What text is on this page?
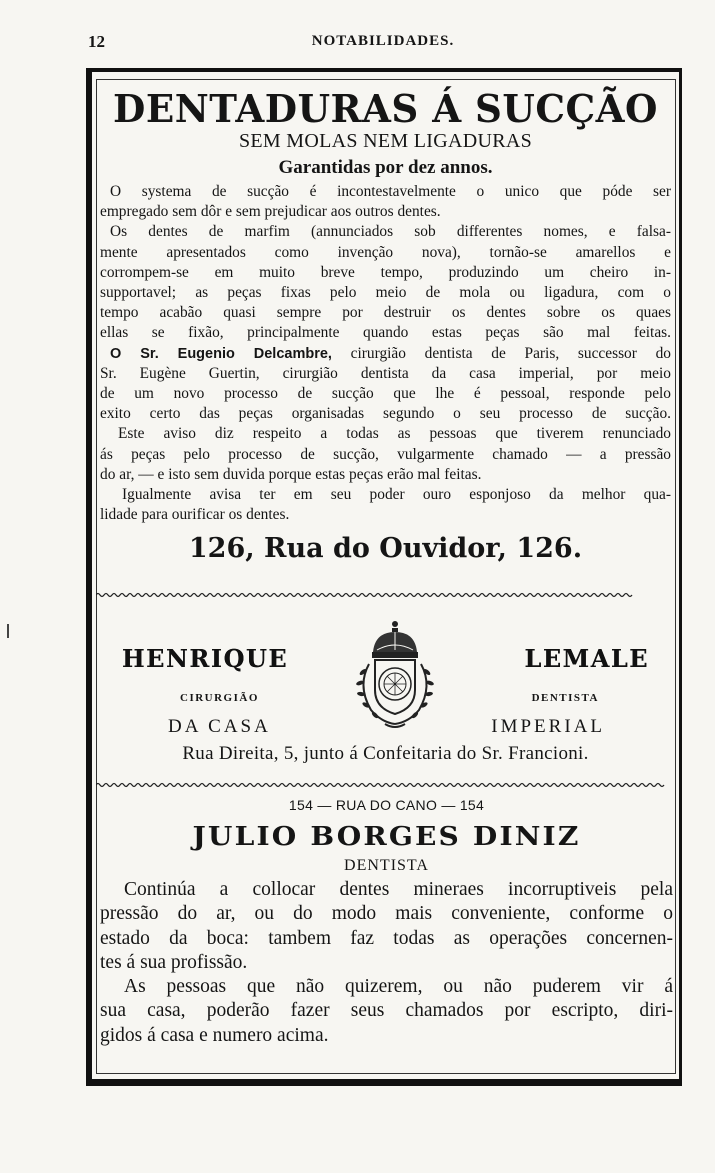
12	NOTABILIDADES.
DENTADURAS Á SUCÇÃO
SEM MOLAS NEM LIGADURAS
Garantidas por dez annos.
O systema de sucção é incontestavelmente o unico que póde ser
empregado sem dôr e sem prejudicar aos outros dentes.
Os dentes de marfim (annunciados sob differentes nomes, e falsa-
mente apresentados como invenção nova), tornão-se amarellos e
corrompem-se em muito breve tempo, produzindo um cheiro in-
supportavel; as peças fixas pelo meio de mola ou ligadura, com o
tempo acabão quasi sempre por destruir os dentes sobre os quaes
ellas se fixão, principalmente quando estas peças são mal feitas.
O Sr. Eugenio Delcambre, cirurgião dentista de Paris, successor do
Sr. Eugène Guertin, cirurgião dentista da casa imperial, por meio
de um novo processo de sucção que lhe é pessoal, responde pelo
exito certo das peças organisadas segundo o seu processo de sucção.
Este aviso diz respeito a todas as pessoas que tiverem renunciado
ás peças pelo processo de sucção, vulgarmente chamado — a pressão
do ar, — e isto sem duvida porque estas peças erão mal feitas.
Igualmente avisa ter em seu poder ouro esponjoso da melhor qua-
lidade para ourificar os dentes.
126, Rua do Ouvidor, 126.
HENRIQUE	LEMALE
CIRURGIÃO	DENTISTA
DA CASA	IMPERIAL
Rua Direita, 5, junto á Confeitaria do Sr. Francioni.
154 — RUA DO CANO — 154
JULIO BORGES DINIZ
DENTISTA
Continúa a collocar dentes mineraes incorruptiveis pela
pressão do ar, ou do modo mais conveniente, conforme o
estado da boca: tambem faz todas as operações concernen-
tes á sua profissão.
As pessoas que não quizerem, ou não puderem vir á
sua casa, poderão fazer seus chamados por escripto, diri-
gidos á casa e numero acima.
